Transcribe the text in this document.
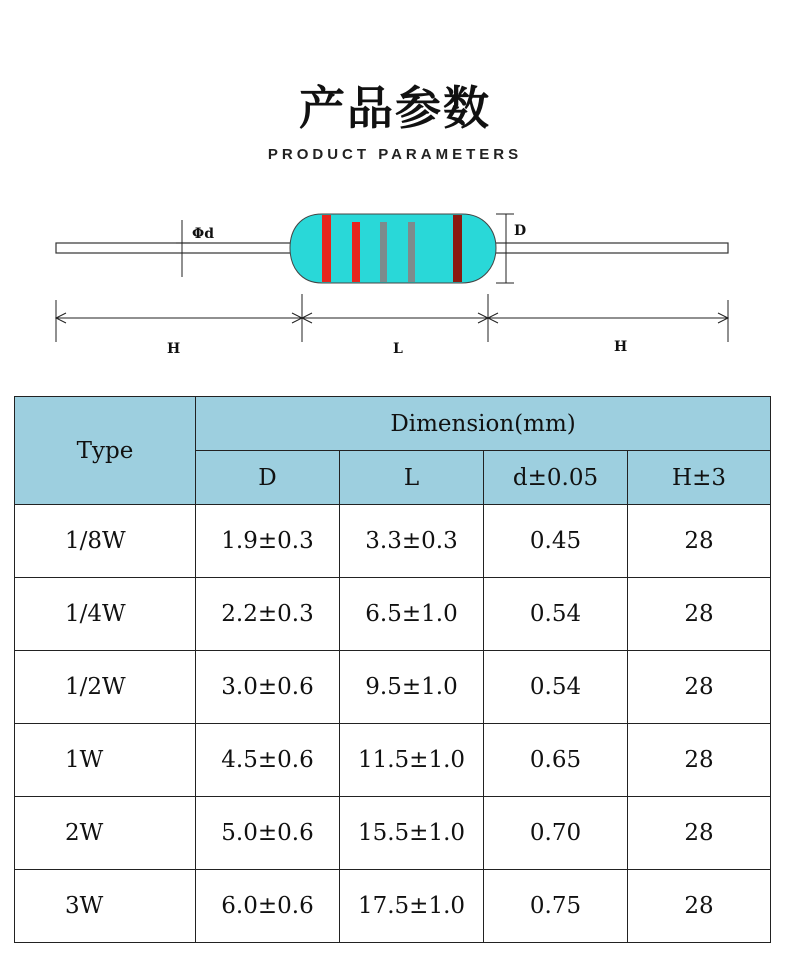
产品参数
PRODUCT PARAMETERS
Φd	D
H	L	H
Type	Dimension(mm)			
	D	L	d±0.05	H±3
1/8W	1.9±0.3	3.3±0.3	0.45	28
1/4W	2.2±0.3	6.5±1.0	0.54	28
1/2W	3.0±0.6	9.5±1.0	0.54	28
1W	4.5±0.6	11.5±1.0	0.65	28
2W	5.0±0.6	15.5±1.0	0.70	28
3W	6.0±0.6	17.5±1.0	0.75	28
